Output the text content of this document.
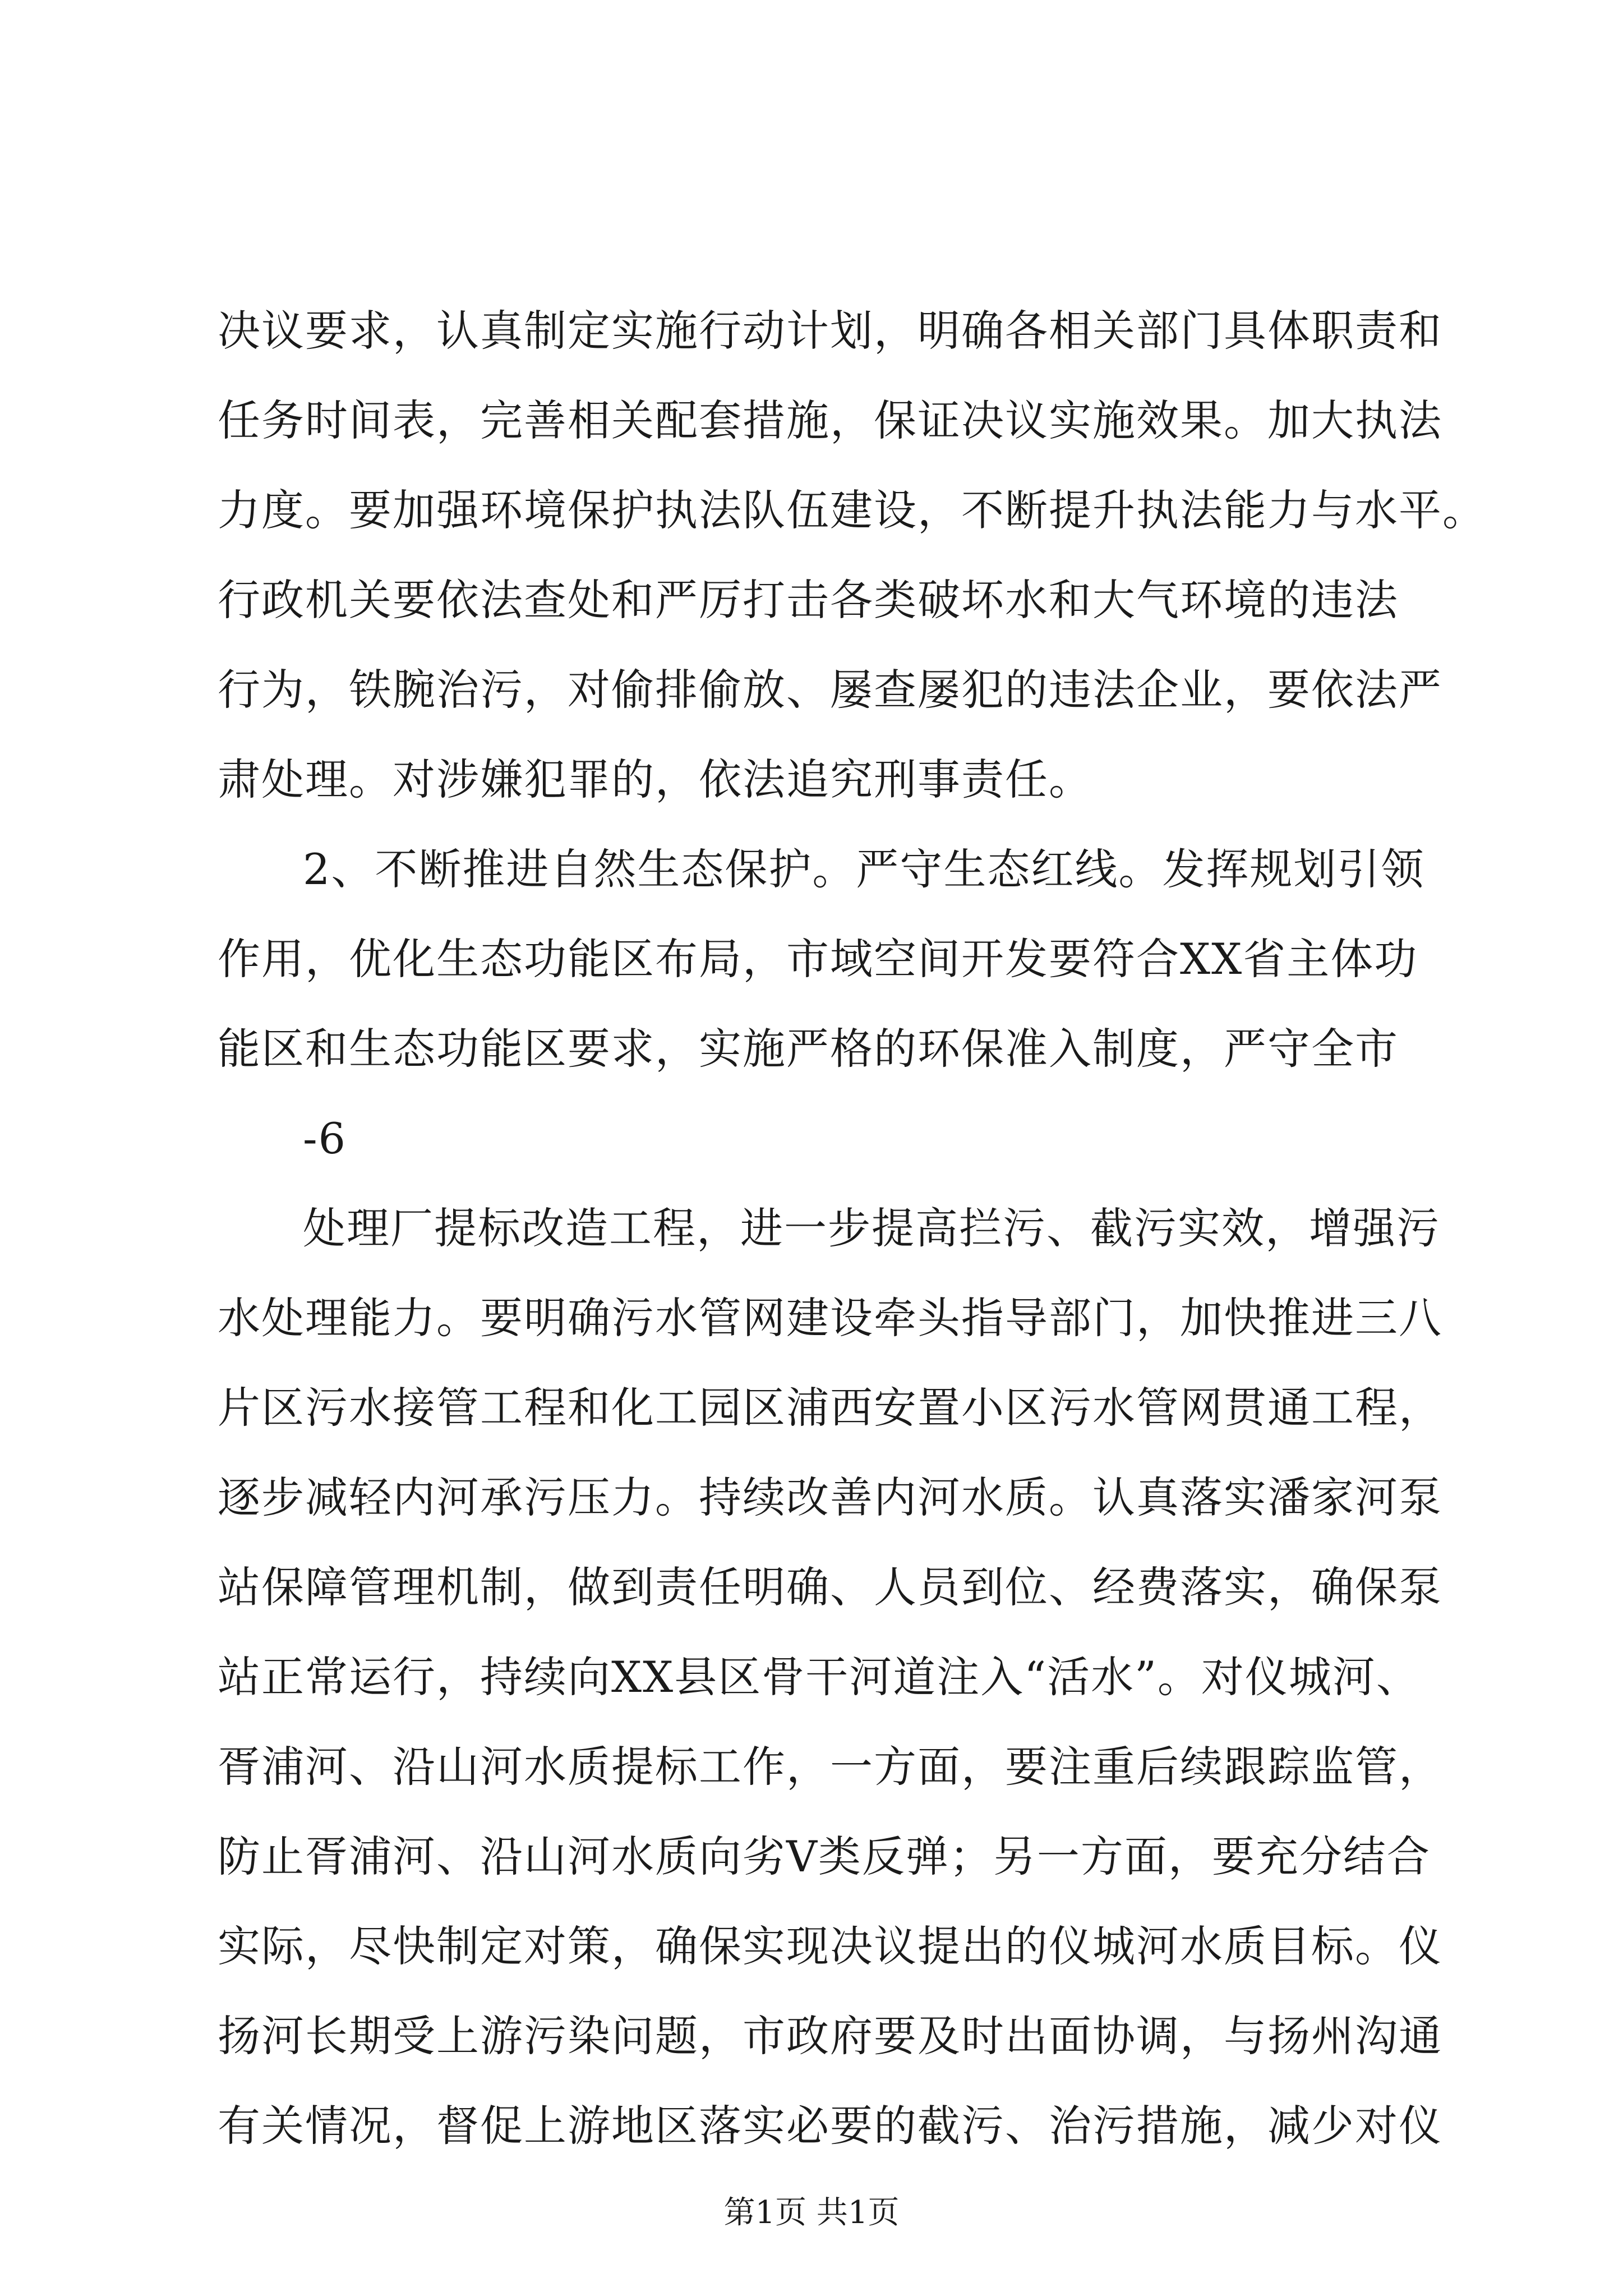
决议要求，认真制定实施行动计划，明确各相关部门具体职责和
任务时间表，完善相关配套措施，保证决议实施效果。加大执法
力度。要加强环境保护执法队伍建设，不断提升执法能力与水平。
行政机关要依法查处和严厉打击各类破坏水和大气环境的违法
行为，铁腕治污，对偷排偷放、屡查屡犯的违法企业，要依法严
肃处理。对涉嫌犯罪的，依法追究刑事责任。
2、不断推进自然生态保护。严守生态红线。发挥规划引领
作用，优化生态功能区布局，市域空间开发要符合XX省主体功
能区和生态功能区要求，实施严格的环保准入制度，严守全市
-6
处理厂提标改造工程，进一步提高拦污、截污实效，增强污
水处理能力。要明确污水管网建设牵头指导部门，加快推进三八
片区污水接管工程和化工园区浦西安置小区污水管网贯通工程，
逐步减轻内河承污压力。持续改善内河水质。认真落实潘家河泵
站保障管理机制，做到责任明确、人员到位、经费落实，确保泵
站正常运行，持续向XX县区骨干河道注入“活水”。对仪城河、
胥浦河、沿山河水质提标工作，一方面，要注重后续跟踪监管，
防止胥浦河、沿山河水质向劣Ⅴ类反弹；另一方面，要充分结合
实际，尽快制定对策，确保实现决议提出的仪城河水质目标。仪
扬河长期受上游污染问题，市政府要及时出面协调，与扬州沟通
有关情况，督促上游地区落实必要的截污、治污措施，减少对仪
第1页 共1页
